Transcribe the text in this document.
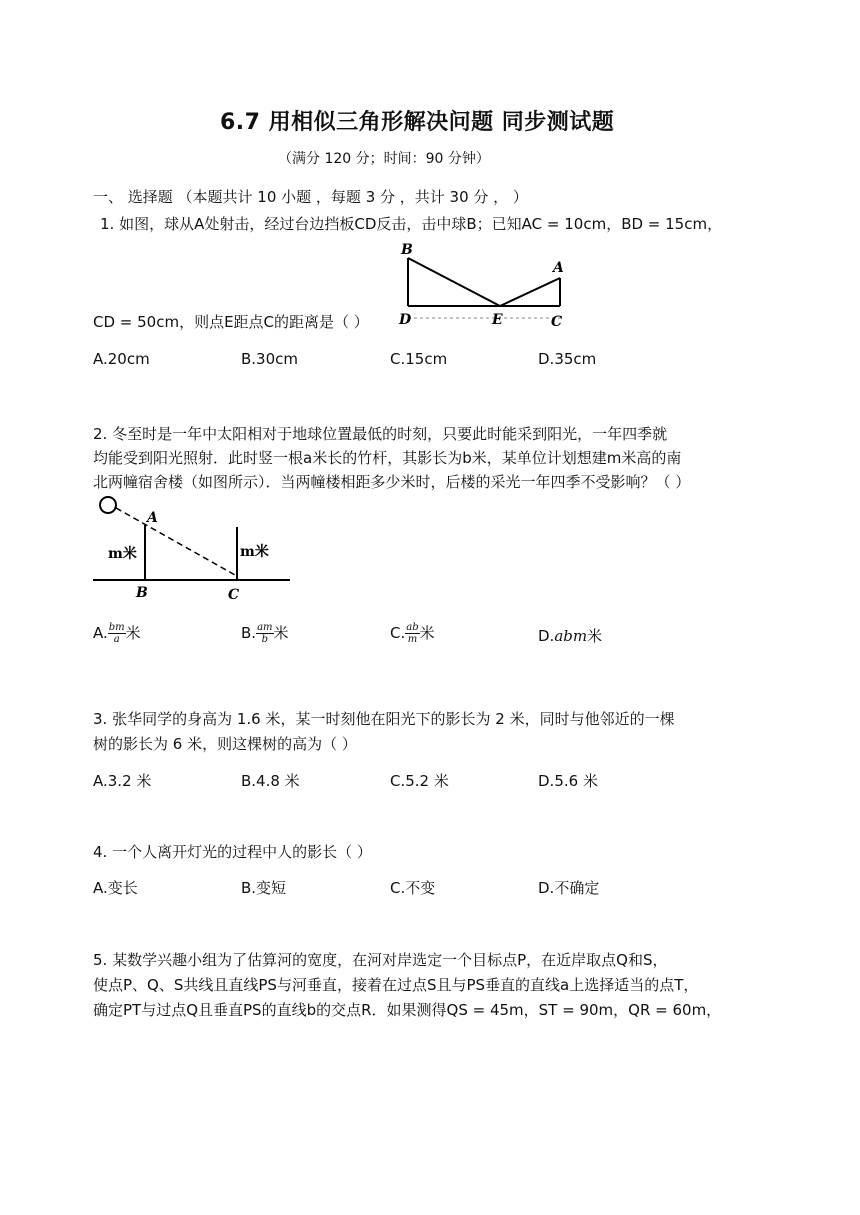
6.7 用相似三角形解决问题 同步测试题
（满分 120 分；时间：90 分钟）
一、 选择题 （本题共计 10 小题 ，每题 3 分 ，共计 30 分 ， ）
1. 如图，球从A处射击，经过台边挡板CD反击，击中球B；已知AC = 10cm，BD = 15cm，
B
A
D	E	C
CD = 50cm，则点E距点C的距离是（ ）
A.20cm	B.30cm	C.15cm	D.35cm
2. 冬至时是一年中太阳相对于地球位置最低的时刻，只要此时能采到阳光，一年四季就
均能受到阳光照射．此时竖一根a米长的竹杆，其影长为b米，某单位计划想建m米高的南
北两幢宿舍楼（如图所示）．当两幢楼相距多少米时，后楼的采光一年四季不受影响？（ ）
A
B	C
m米	m米
A. $\frac{bm}{a}$ 米	B. $\frac{am}{b}$ 米	C. $\frac{ab}{m}$ 米	D.abm米
3. 张华同学的身高为 1.6 米，某一时刻他在阳光下的影长为 2 米，同时与他邻近的一棵
树的影长为 6 米，则这棵树的高为（ ）
A.3.2 米	B.4.8 米	C.5.2 米	D.5.6 米
4. 一个人离开灯光的过程中人的影长（ ）
A.变长	B.变短	C.不变	D.不确定
5. 某数学兴趣小组为了估算河的宽度，在河对岸选定一个目标点P，在近岸取点Q和S，
使点P、Q、S共线且直线PS与河垂直，接着在过点S且与PS垂直的直线a上选择适当的点T，
确定PT与过点Q且垂直PS的直线b的交点R．如果测得QS = 45m，ST = 90m，QR = 60m，
